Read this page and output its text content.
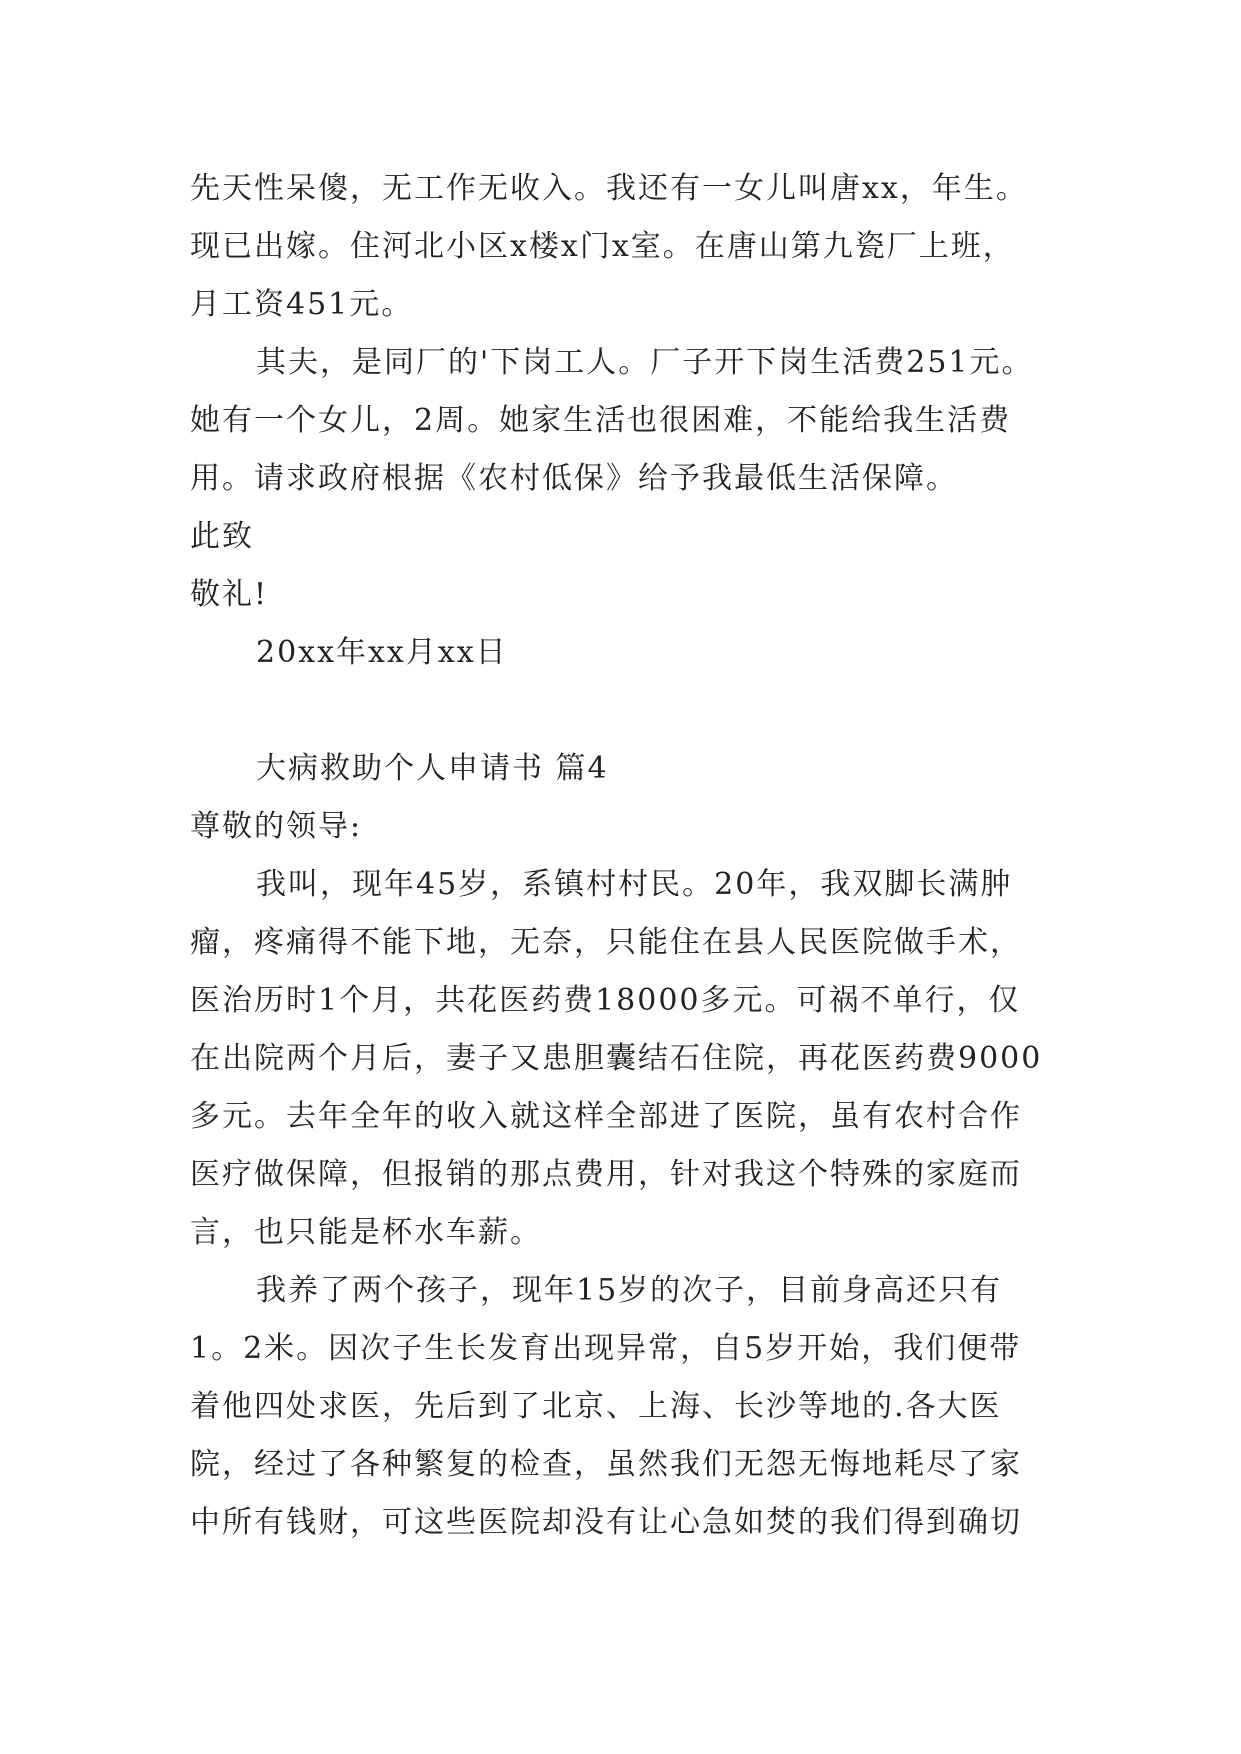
先天性呆傻，无工作无收入。我还有一女儿叫唐xx，年生。
现已出嫁。住河北小区x楼x门x室。在唐山第九瓷厂上班，
月工资451元。
其夫，是同厂的'下岗工人。厂子开下岗生活费251元。
她有一个女儿，2周。她家生活也很困难，不能给我生活费
用。请求政府根据《农村低保》给予我最低生活保障。
此致
敬礼!
20xx年xx月xx日
大病救助个人申请书 篇4
尊敬的领导:
我叫，现年45岁，系镇村村民。20年，我双脚长满肿
瘤，疼痛得不能下地，无奈，只能住在县人民医院做手术，
医治历时1个月，共花医药费18000多元。可祸不单行，仅
在出院两个月后，妻子又患胆囊结石住院，再花医药费9000
多元。去年全年的收入就这样全部进了医院，虽有农村合作
医疗做保障，但报销的那点费用，针对我这个特殊的家庭而
言，也只能是杯水车薪。
我养了两个孩子，现年15岁的次子，目前身高还只有
1。2米。因次子生长发育出现异常，自5岁开始，我们便带
着他四处求医，先后到了北京、上海、长沙等地的.各大医
院，经过了各种繁复的检查，虽然我们无怨无悔地耗尽了家
中所有钱财，可这些医院却没有让心急如焚的我们得到确切
